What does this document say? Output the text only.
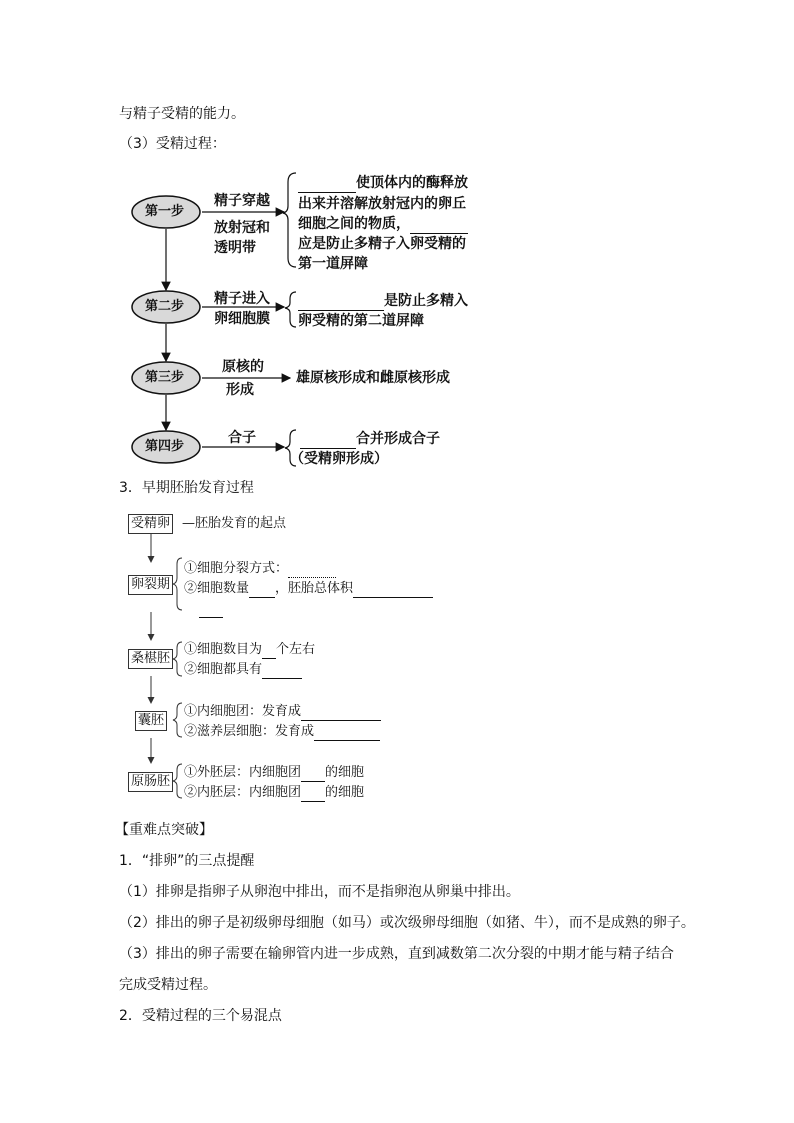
与精子受精的能力。
（3）受精过程：
第一步
第二步
第三步
第四步
精子穿越
放射冠和
透明带
使顶体内的酶释放
出来并溶解放射冠内的卵丘
细胞之间的物质，
应是防止多精子入卵受精的
第一道屏障
精子进入
卵细胞膜
是防止多精入
卵受精的第二道屏障
原核的
形成
雄原核形成和雌原核形成
合子	合并形成合子
（受精卵形成）
3．早期胚胎发育过程
受精卵 —胚胎发育的起点
卵裂期
①细胞分裂方式：
②细胞数量 ，胚胎总体积
桑椹胚
①细胞数目为 个左右
②细胞都具有
囊胚
①内细胞团：发育成
②滋养层细胞：发育成
原肠胚
①外胚层：内细胞团 的细胞
②内胚层：内细胞团 的细胞
【重难点突破】
1．“排卵”的三点提醒
（1）排卵是指卵子从卵泡中排出，而不是指卵泡从卵巢中排出。
（2）排出的卵子是初级卵母细胞（如马）或次级卵母细胞（如猪、牛），而不是成熟的卵子。
（3）排出的卵子需要在输卵管内进一步成熟，直到减数第二次分裂的中期才能与精子结合
完成受精过程。
2．受精过程的三个易混点
